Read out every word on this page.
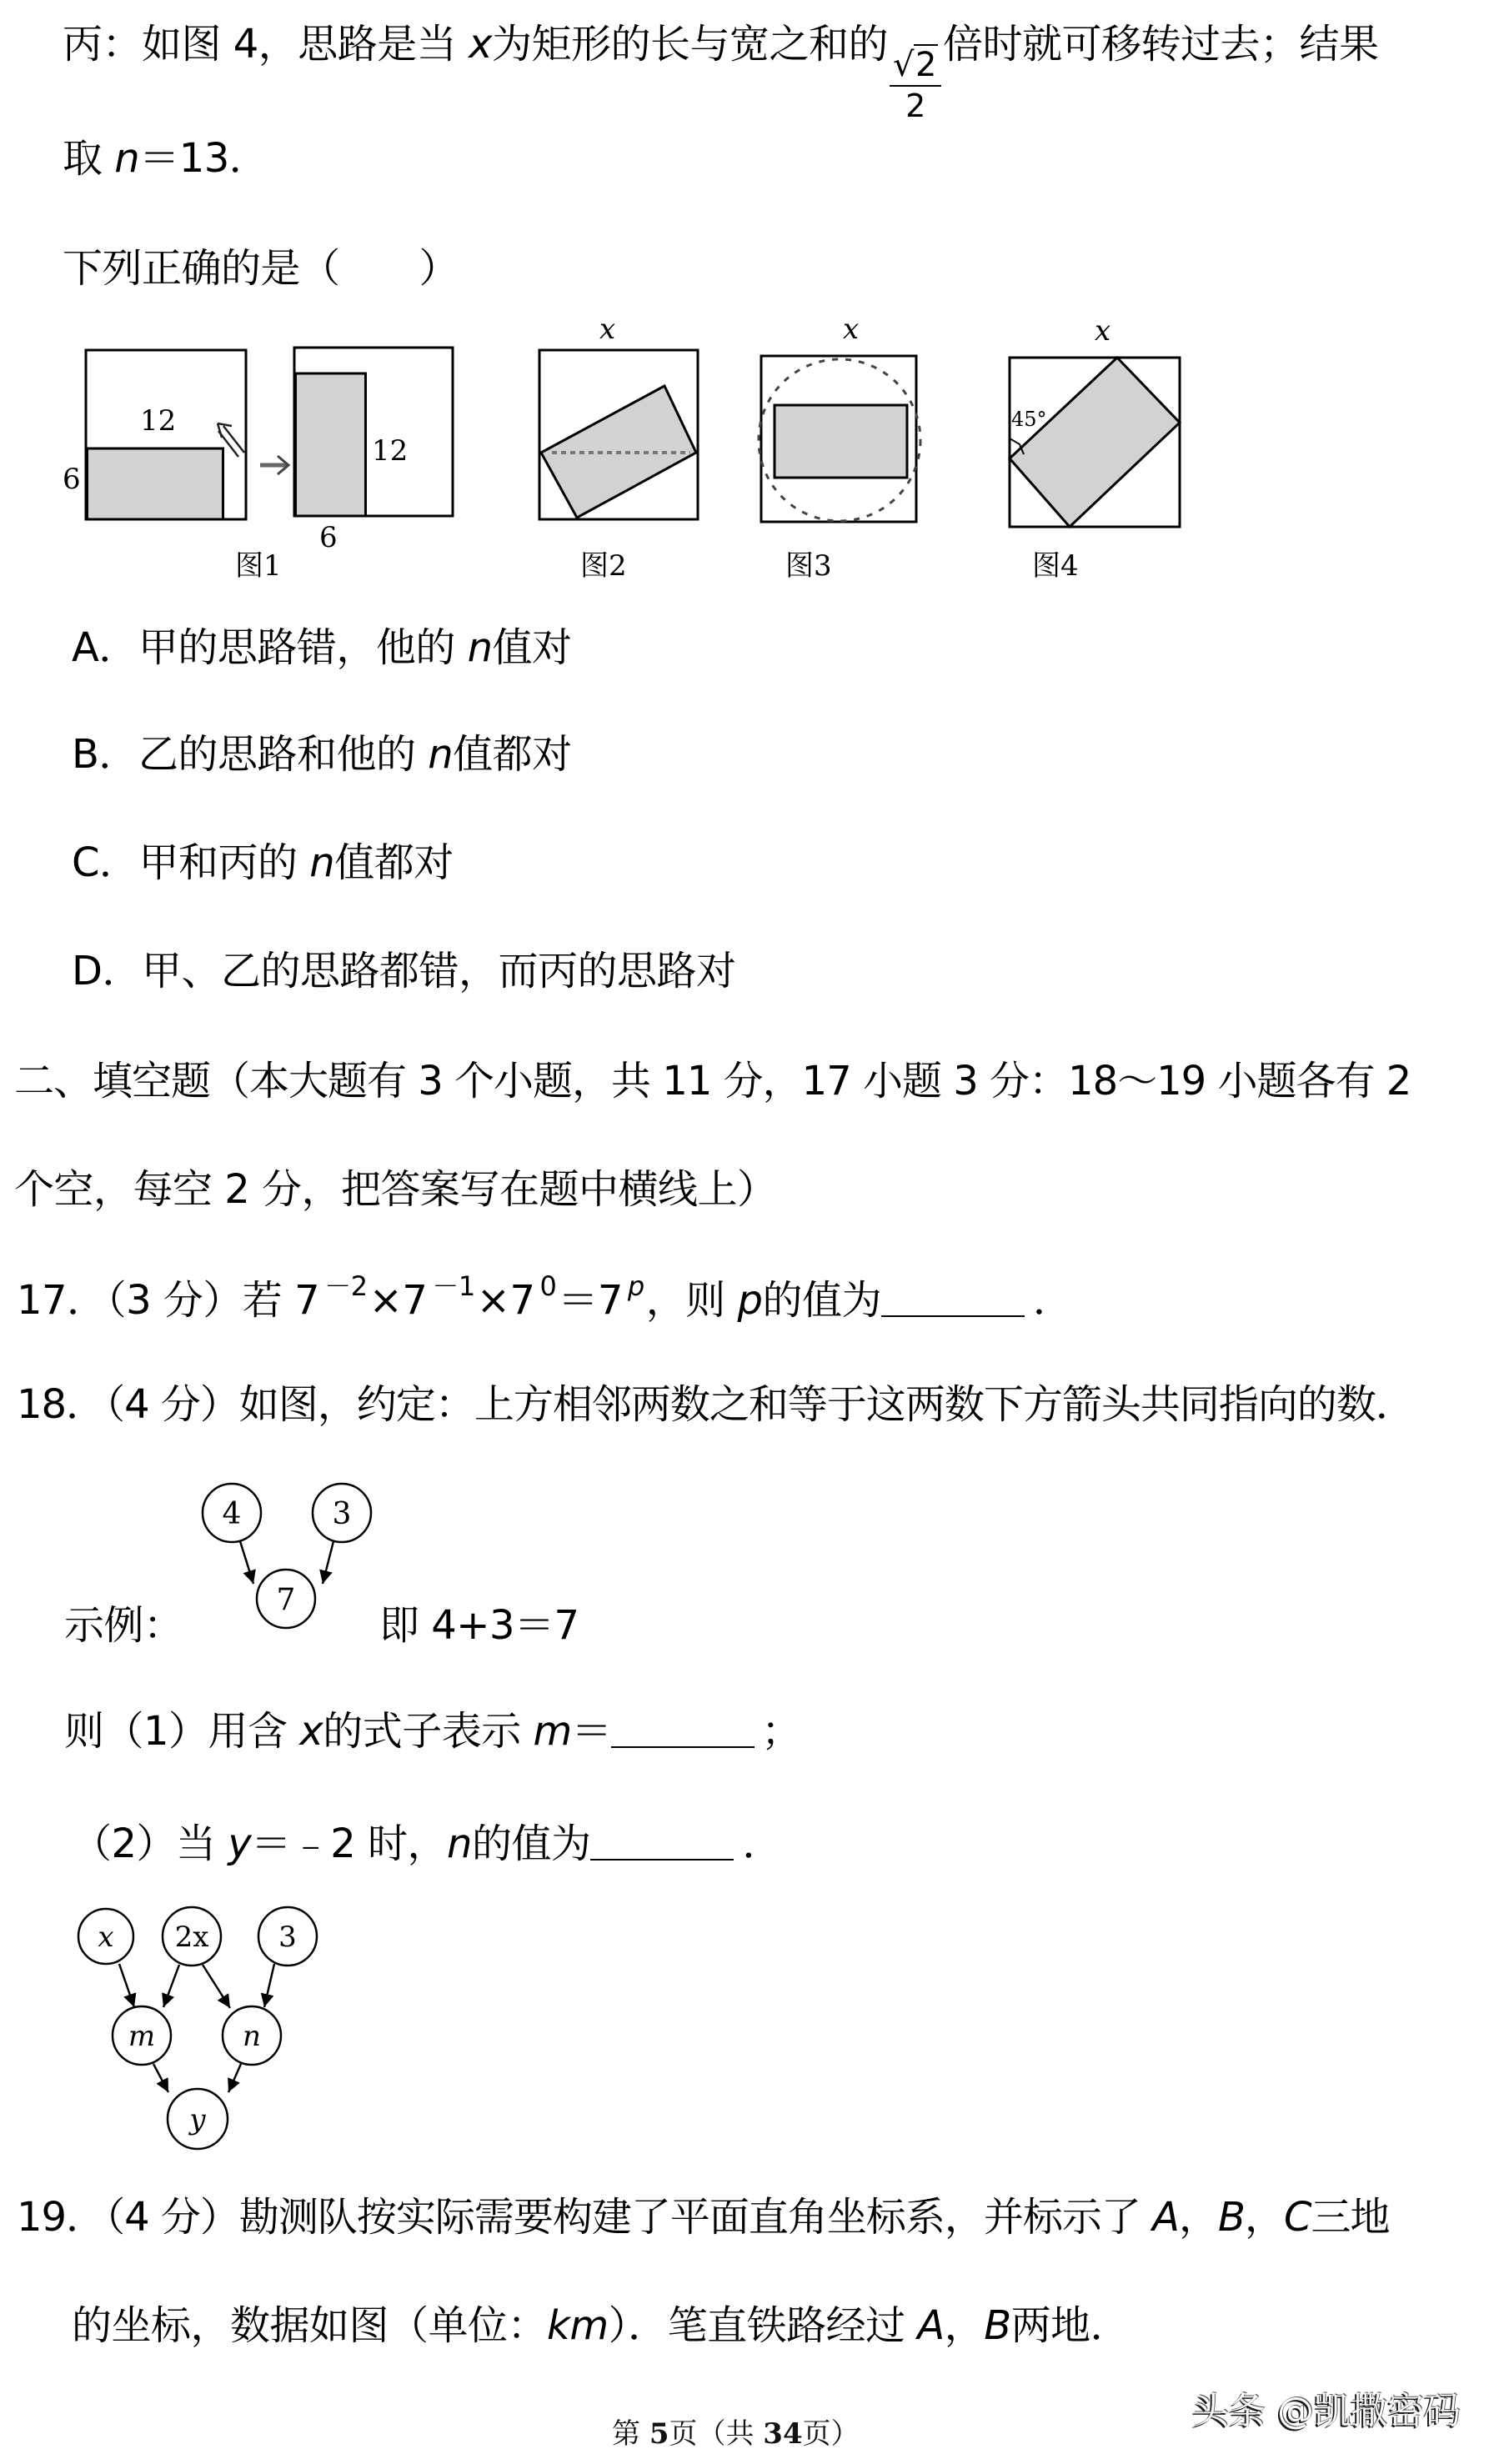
丙：如图 4，思路是当 x为矩形的长与宽之和的
$\frac{√2}{2}$
倍时就可移转过去；结果
取 n＝13．
下列正确的是（　　）
12
6
12
6
图1
x
图2
x
图3
x
45°
图4
A．甲的思路错，他的 n值对
B．乙的思路和他的 n值都对
C．甲和丙的 n值都对
D．甲、乙的思路都错，而丙的思路对
二、填空题（本大题有 3 个小题，共 11 分，17 小题 3 分：18～19 小题各有 2
个空，每空 2 分，把答案写在题中横线上）
17．（3 分）若 7 $^{-2}$×7 $^{-1}$×7 $^0$＝7 $^p$，则 p的值为	．
18．（4 分）如图，约定：上方相邻两数之和等于这两数下方箭头共同指向的数．
4	3
7
示例：	即 4+3＝7
则（1）用含 x的式子表示 m＝	；
（2）当 y＝﹣2 时，n的值为	．
x 2x 3
m	n
y
19．（4 分）勘测队按实际需要构建了平面直角坐标系，并标示了 A，B，C三地
的坐标，数据如图（单位：km）．笔直铁路经过 A，B两地．
第 5页（共 34页）
头条 @凯撒密码
